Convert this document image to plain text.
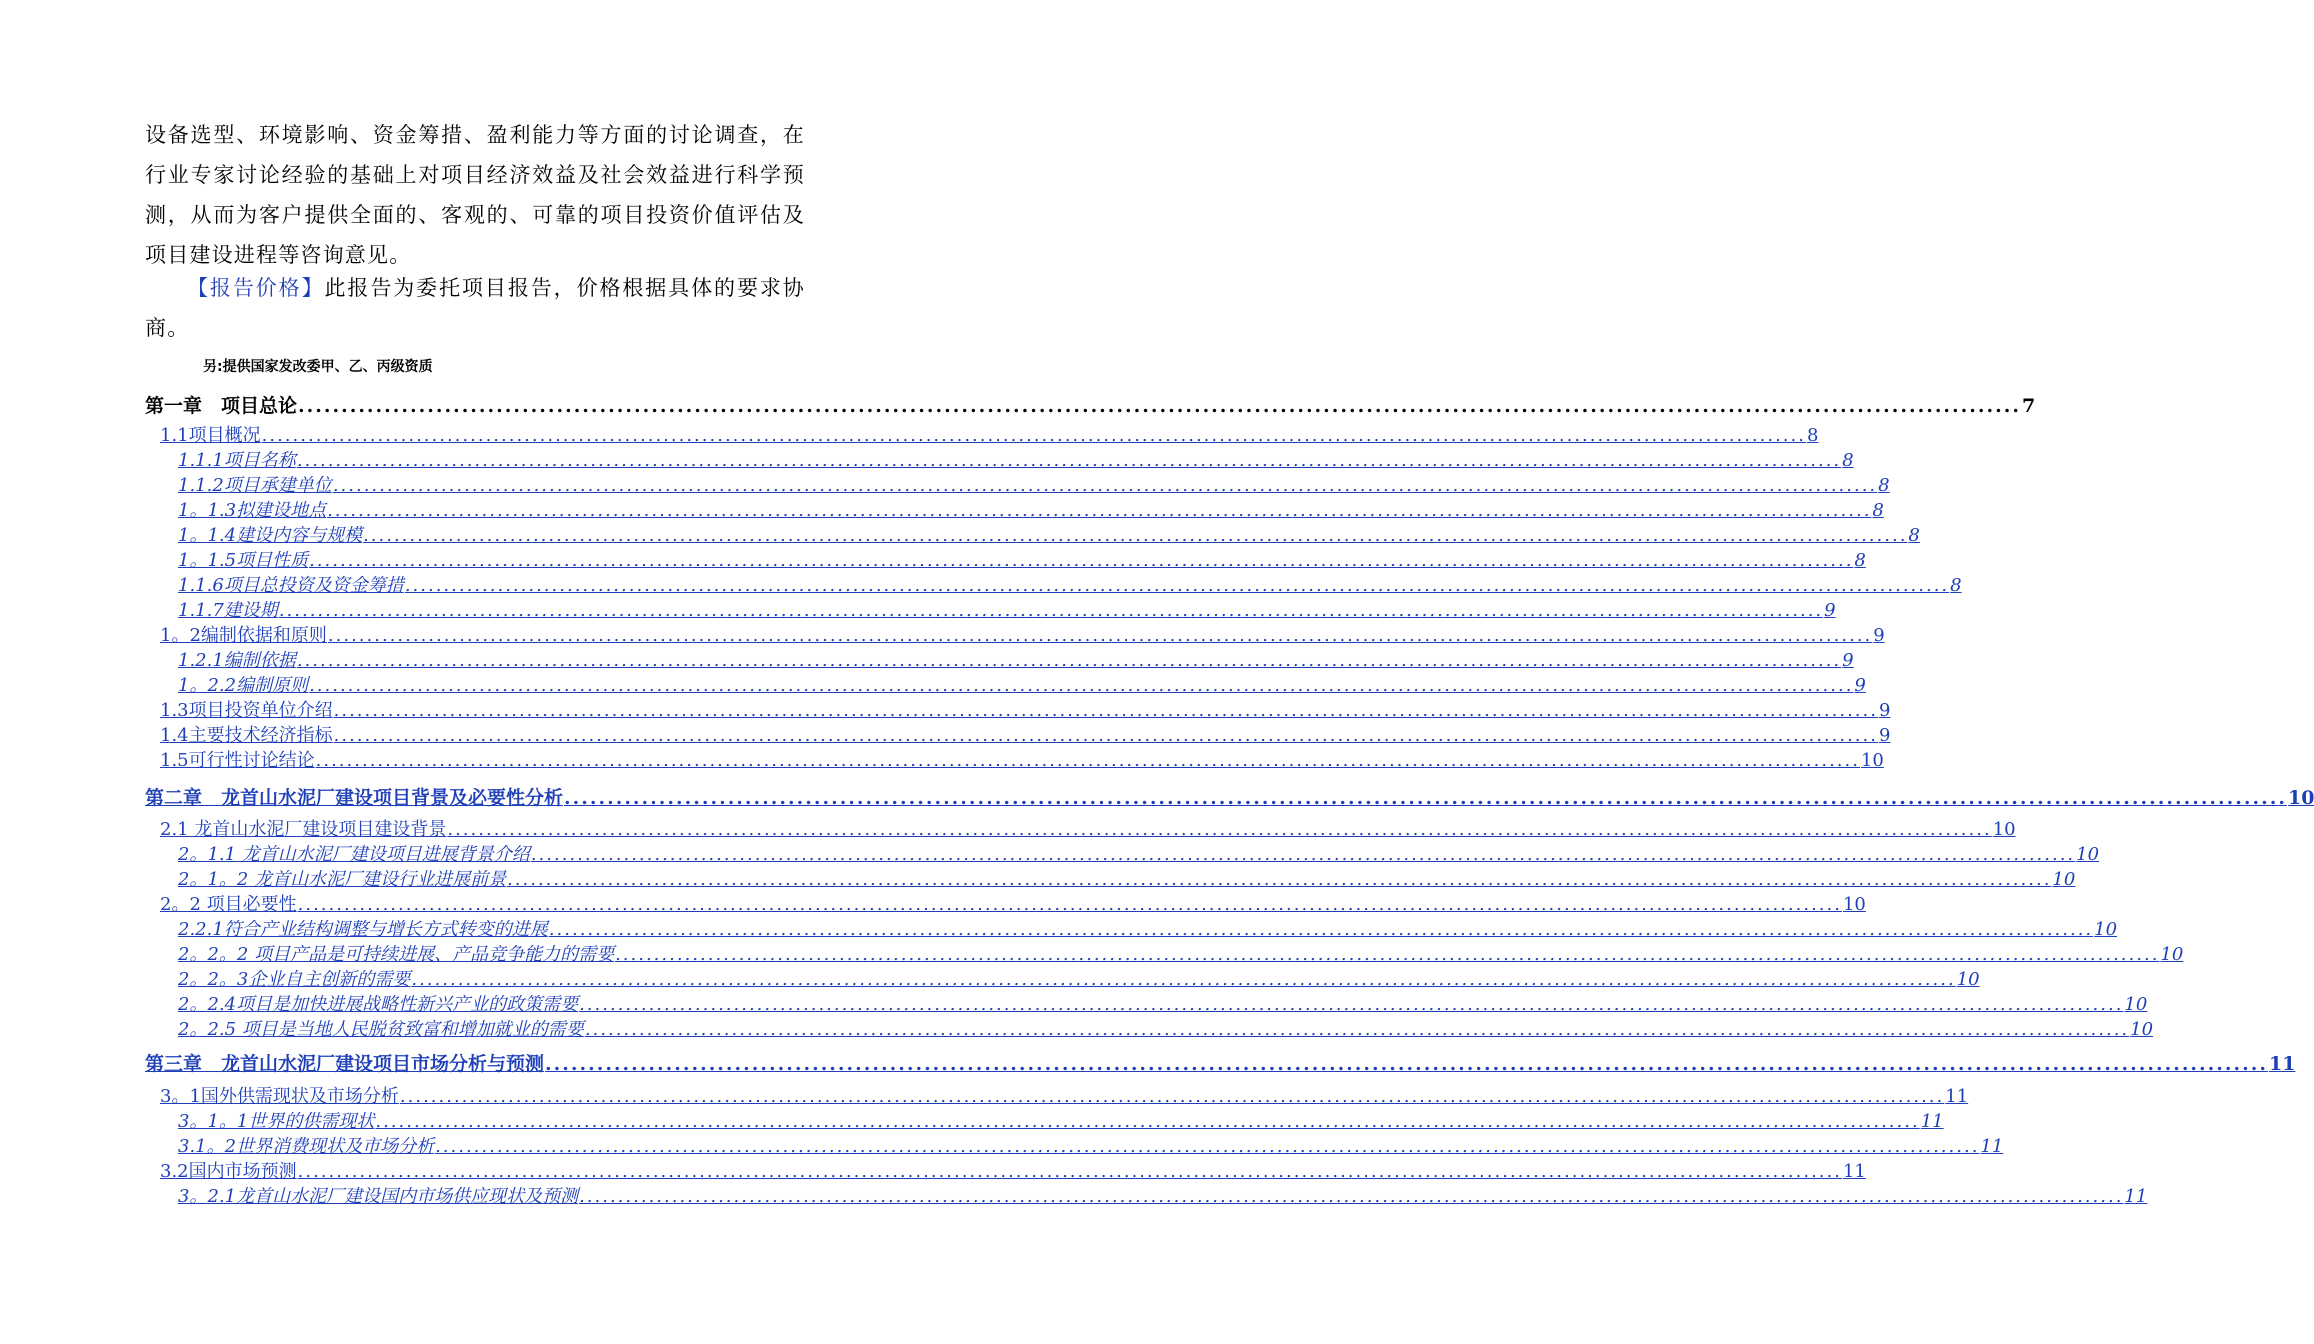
设备选型、环境影响、资金筹措、盈利能力等方面的讨论调查，在
行业专家讨论经验的基础上对项目经济效益及社会效益进行科学预
测，从而为客户提供全面的、客观的、可靠的项目投资价值评估及
项目建设进程等咨询意见。
【报告价格】此报告为委托项目报告，价格根据具体的要求协
商。
另:提供国家发改委甲、乙、丙级资质
第一章　项目总论 ........................................................................................................................................................................................................ 7
1.1项目概况 ........................................................................................................................................................................................................ 8
1.1.1项目名称 ........................................................................................................................................................................................................ 8
1.1.2项目承建单位 ........................................................................................................................................................................................................ 8
1。1.3拟建设地点 ........................................................................................................................................................................................................ 8
1。1.4建设内容与规模 ........................................................................................................................................................................................................ 8
1。1.5项目性质 ........................................................................................................................................................................................................ 8
1.1.6项目总投资及资金筹措 ........................................................................................................................................................................................................ 8
1.1.7建设期 ........................................................................................................................................................................................................ 9
1。2编制依据和原则 ........................................................................................................................................................................................................ 9
1.2.1编制依据 ........................................................................................................................................................................................................ 9
1。2.2编制原则 ........................................................................................................................................................................................................ 9
1.3项目投资单位介绍 ........................................................................................................................................................................................................ 9
1.4主要技术经济指标 ........................................................................................................................................................................................................ 9
1.5可行性讨论结论 ........................................................................................................................................................................................................ 10
第二章　龙首山水泥厂建设项目背景及必要性分析 ........................................................................................................................................................................................................ 10
2.1 龙首山水泥厂建设项目建设背景 ........................................................................................................................................................................................................ 10
2。1.1 龙首山水泥厂建设项目进展背景介绍 ........................................................................................................................................................................................................ 10
2。1。2 龙首山水泥厂建设行业进展前景 ........................................................................................................................................................................................................ 10
2。2 项目必要性 ........................................................................................................................................................................................................ 10
2.2.1符合产业结构调整与增长方式转变的进展 ........................................................................................................................................................................................................ 10
2。2。2 项目产品是可持续进展、产品竞争能力的需要 ........................................................................................................................................................................................................ 10
2。2。3企业自主创新的需要 ........................................................................................................................................................................................................ 10
2。2.4项目是加快进展战略性新兴产业的政策需要 ........................................................................................................................................................................................................ 10
2。2.5 项目是当地人民脱贫致富和增加就业的需要 ........................................................................................................................................................................................................ 10
第三章　龙首山水泥厂建设项目市场分析与预测 ........................................................................................................................................................................................................ 11
3。1国外供需现状及市场分析 ........................................................................................................................................................................................................ 11
3。1。1世界的供需现状 ........................................................................................................................................................................................................ 11
3.1。2世界消费现状及市场分析 ........................................................................................................................................................................................................ 11
3.2国内市场预测 ........................................................................................................................................................................................................ 11
3。2.1龙首山水泥厂建设国内市场供应现状及预测 ........................................................................................................................................................................................................ 11
